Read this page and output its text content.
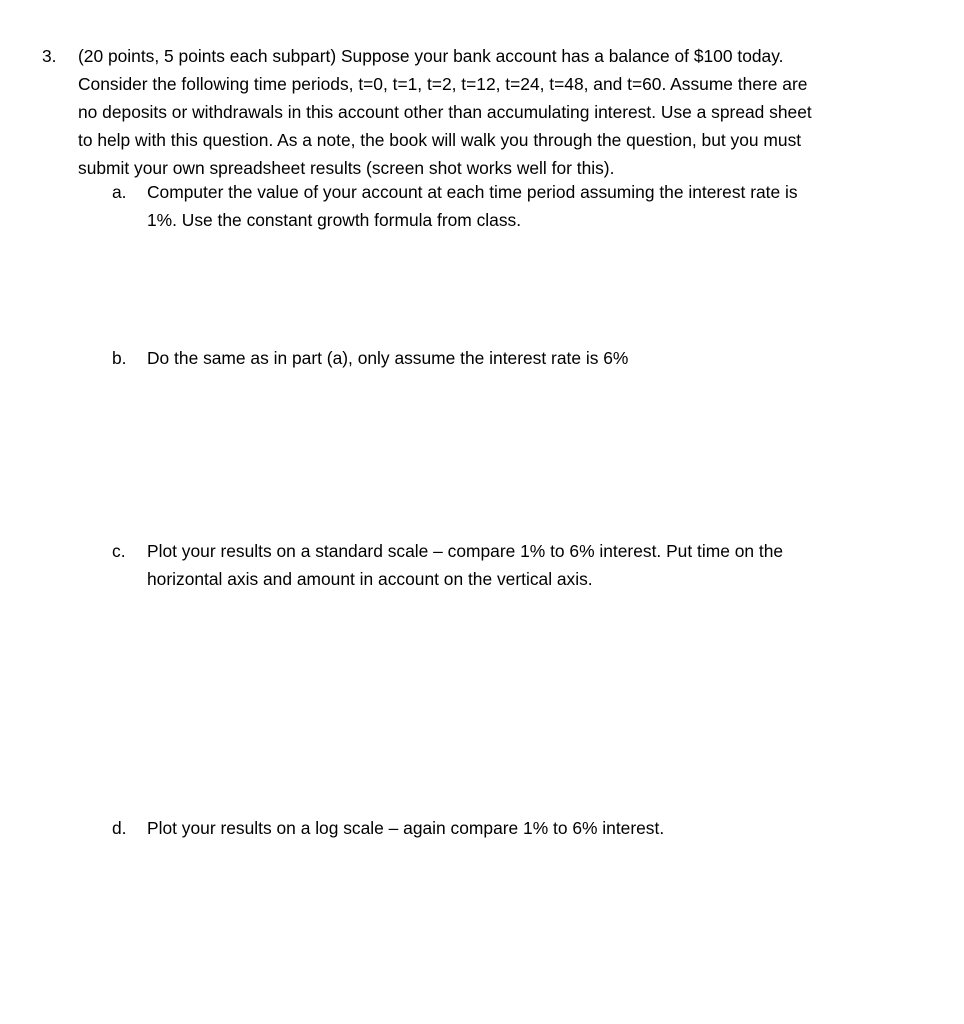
3. (20 points, 5 points each subpart) Suppose your bank account has a balance of $100 today.
Consider the following time periods, t=0, t=1, t=2, t=12, t=24, t=48, and t=60. Assume there are
no deposits or withdrawals in this account other than accumulating interest. Use a spread sheet
to help with this question. As a note, the book will walk you through the question, but you must
submit your own spreadsheet results (screen shot works well for this).
a. Computer the value of your account at each time period assuming the interest rate is
1%. Use the constant growth formula from class.
b. Do the same as in part (a), only assume the interest rate is 6%
c. Plot your results on a standard scale – compare 1% to 6% interest. Put time on the
horizontal axis and amount in account on the vertical axis.
d. Plot your results on a log scale – again compare 1% to 6% interest.
